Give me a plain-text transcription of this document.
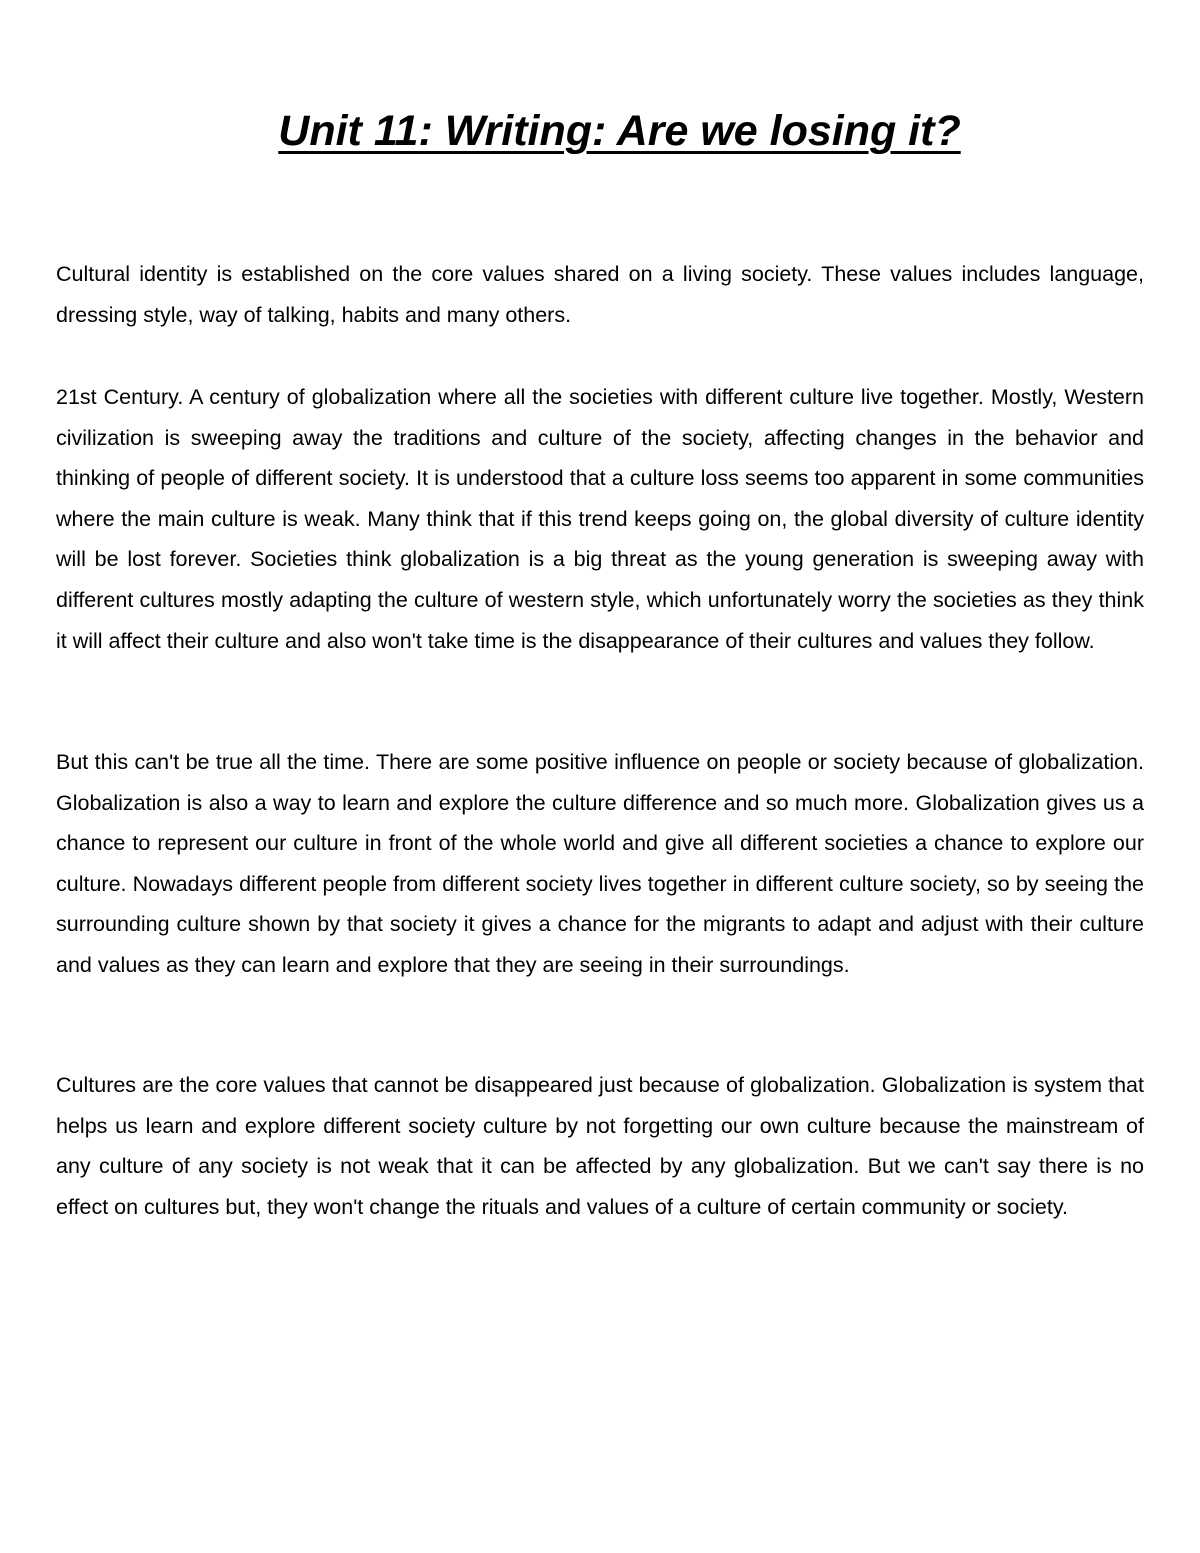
Unit 11: Writing: Are we losing it?

Cultural identity is established on the core values shared on a living society. These values includes language, dressing style, way of talking, habits and many others.

21st Century. A century of globalization where all the societies with different culture live together. Mostly, Western civilization is sweeping away the traditions and culture of the society, affecting changes in the behavior and thinking of people of different society. It is understood that a culture loss seems too apparent in some communities where the main culture is weak. Many think that if this trend keeps going on, the global diversity of culture identity will be lost forever. Societies think globalization is a big threat as the young generation is sweeping away with different cultures mostly adapting the culture of western style, which unfortunately worry the societies as they think it will affect their culture and also won't take time is the disappearance of their cultures and values they follow.

But this can't be true all the time. There are some positive influence on people or society because of globalization. Globalization is also a way to learn and explore the culture difference and so much more. Globalization gives us a chance to represent our culture in front of the whole world and give all different societies a chance to explore our culture. Nowadays different people from different society lives together in different culture society, so by seeing the surrounding culture shown by that society it gives a chance for the migrants to adapt and adjust with their culture and values as they can learn and explore that they are seeing in their surroundings.

Cultures are the core values that cannot be disappeared just because of globalization. Globalization is system that helps us learn and explore different society culture by not forgetting our own culture because the mainstream of any culture of any society is not weak that it can be affected by any globalization. But we can't say there is no effect on cultures but, they won't change the rituals and values of a culture of certain community or society.
